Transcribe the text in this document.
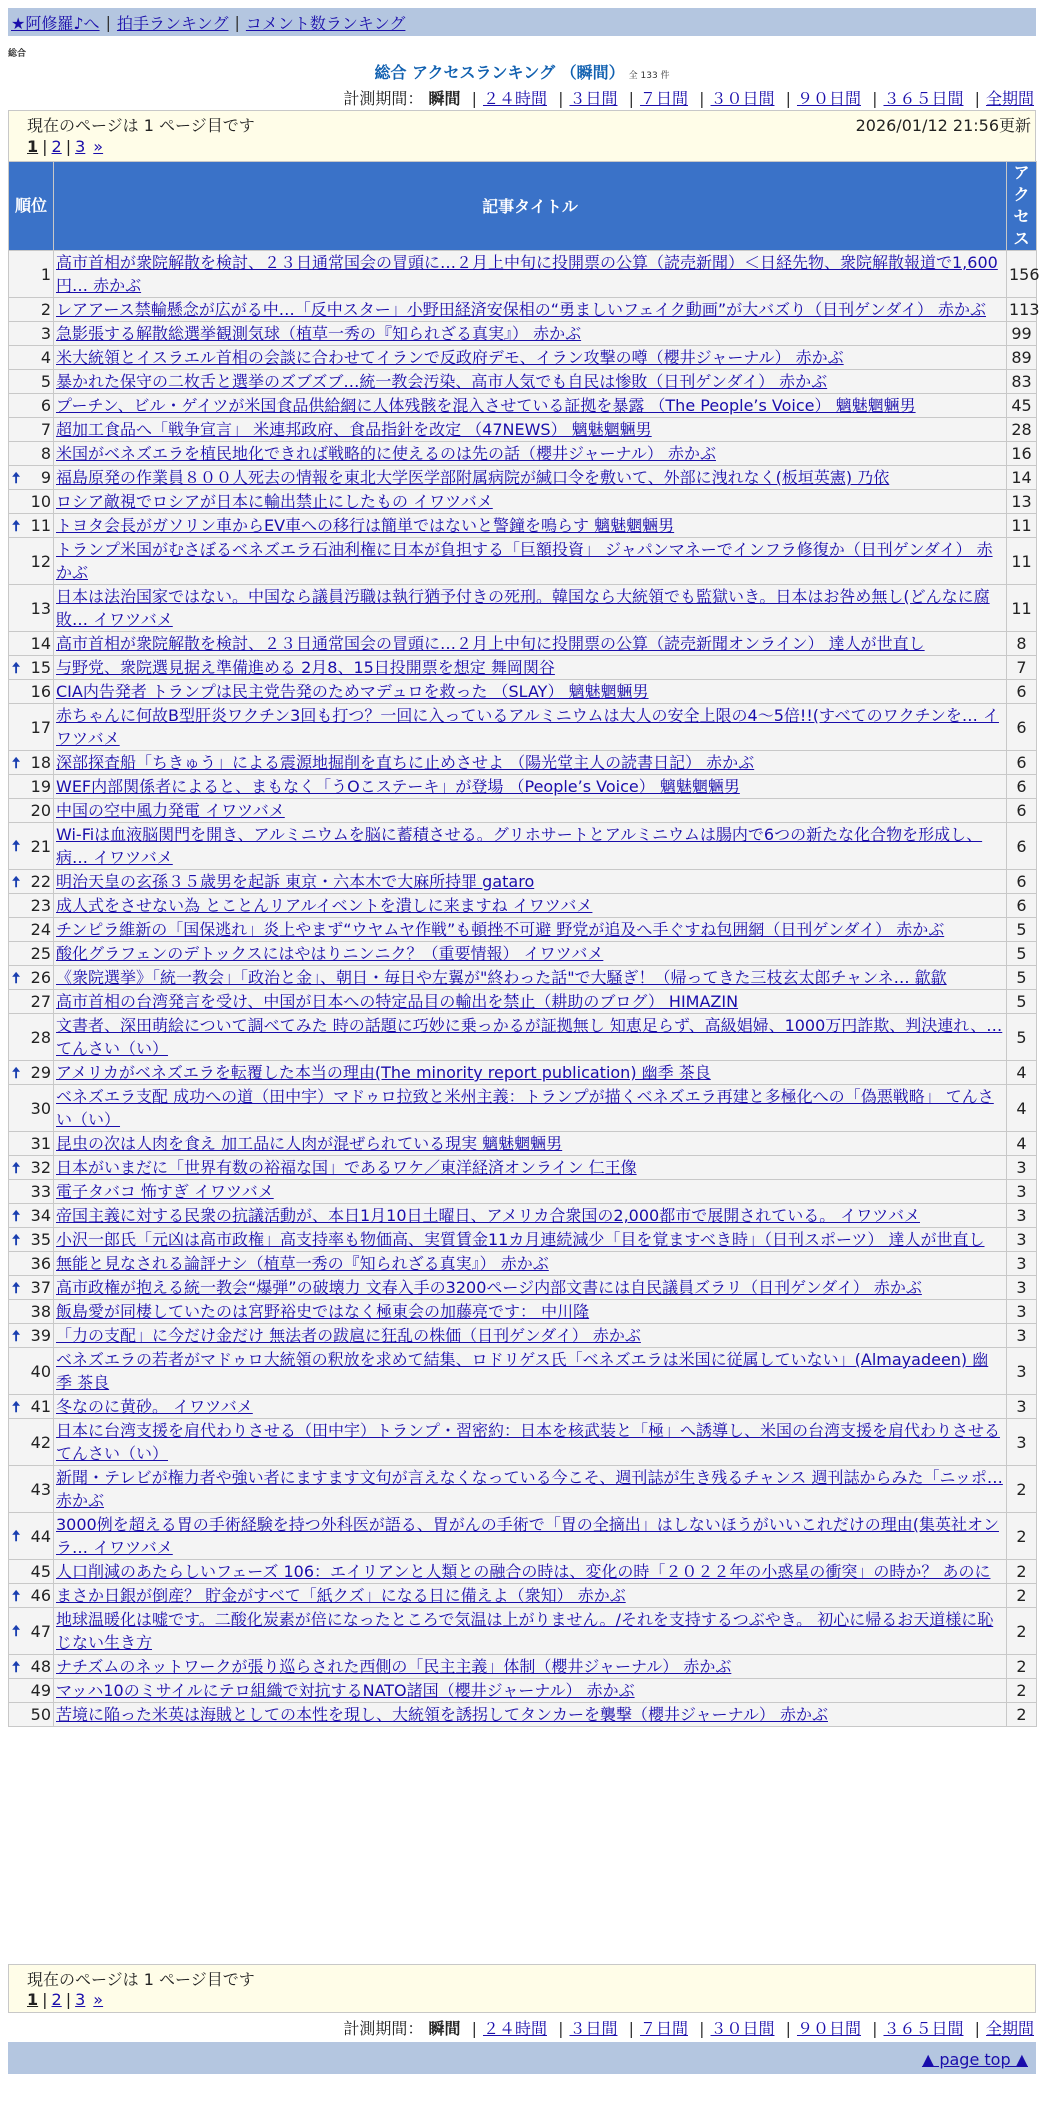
★阿修羅♪へ | 拍手ランキング | コメント数ランキング
総合
総合 アクセスランキング （瞬間） 全 133 件
計測期間： 瞬間 | ２４時間 | ３日間 | ７日間 | ３０日間 | ９０日間 | ３６５日間 | 全期間
現在のページは 1 ページ目です	2026/01/12 21:56更新
1 | 2 | 3 »
順位	記事タイトル	アクセス
1	高市首相が衆院解散を検討、２３日通常国会の冒頭に…２月上中旬に投開票の公算（読売新聞）＜日経先物、衆院解散報道で1,600円… 赤かぶ	156
2	レアアース禁輸懸念が広がる中…「反中スター」小野田経済安保相の“勇ましいフェイク動画”が大バズり（日刊ゲンダイ） 赤かぶ	113
3	急影張する解散総選挙観測気球（植草一秀の『知られざる真実』） 赤かぶ	99
4	米大統領とイスラエル首相の会談に合わせてイランで反政府デモ、イラン攻撃の噂（櫻井ジャーナル） 赤かぶ	89
5	暴かれた保守の二枚舌と選挙のズブズブ…統一教会汚染、高市人気でも自民は惨敗（日刊ゲンダイ） 赤かぶ	83
6	プーチン、ビル・ゲイツが米国食品供給網に人体残骸を混入させている証拠を暴露 （The People’s Voice） 魑魅魍魎男	45
7	超加工食品へ「戦争宣言」 米連邦政府、食品指針を改定 （47NEWS） 魑魅魍魎男	28
8	米国がベネズエラを植民地化できれば戦略的に使えるのは先の話（櫻井ジャーナル） 赤かぶ	16

🠅 9	福島原発の作業員８００人死去の情報を東北大学医学部附属病院が緘口令を敷いて、外部に洩れなく(板垣英憲) 乃依	14
10	ロシア敵視でロシアが日本に輸出禁止にしたもの イワツバメ	13

🠅 11	トヨタ会長がガソリン車からEV車への移行は簡単ではないと警鐘を鳴らす 魑魅魍魎男	11
12	トランプ米国がむさぼるベネズエラ石油利権に日本が負担する「巨額投資」 ジャパンマネーでインフラ修復か（日刊ゲンダイ） 赤かぶ	11
13	日本は法治国家ではない。中国なら議員汚職は執行猶予付きの死刑。韓国なら大統領でも監獄いき。日本はお咎め無し(どんなに腐敗… イワツバメ	11
14	高市首相が衆院解散を検討、２３日通常国会の冒頭に…２月上中旬に投開票の公算（読売新聞オンライン） 達人が世直し	8

🠅 15	与野党、衆院選見据え準備進める 2月8、15日投開票を想定 舞岡関谷	7
16	CIA内告発者 トランプは民主党告発のためマデュロを救った （SLAY） 魑魅魍魎男	6
17	赤ちゃんに何故B型肝炎ワクチン3回も打つ？一回に入っているアルミニウムは大人の安全上限の4～5倍!!(すべてのワクチンを… イワツバメ	6

🠅 18	深部探査船「ちきゅう」による震源地掘削を直ちに止めさせよ （陽光堂主人の読書日記） 赤かぶ	6
19	WEF内部関係者によると、まもなく「うOこステーキ」が登場 （People’s Voice） 魑魅魍魎男	6
20	中国の空中風力発電 イワツバメ	6

🠅 21	Wi-Fiは血液脳関門を開き、アルミニウムを脳に蓄積させる。グリホサートとアルミニウムは腸内で6つの新たな化合物を形成し、病… イワツバメ	6

🠅 22	明治天皇の玄孫３５歳男を起訴 東京・六本木で大麻所持罪 gataro	6
23	成人式をさせない為 とことんリアルイベントを潰しに来ますね イワツバメ	6
24	チンピラ維新の「国保逃れ」炎上やまず“ウヤムヤ作戦”も頓挫不可避 野党が追及へ手ぐすね包囲網（日刊ゲンダイ） 赤かぶ	5
25	酸化グラフェンのデトックスにはやはりニンニク？（重要情報） イワツバメ	5

🠅 26	《衆院選挙》「統一教会」「政治と金」、朝日・毎日や左翼が"終わった話"で大騒ぎ！（帰ってきた三枝玄太郎チャンネ… 歙歙	5
27	高市首相の台湾発言を受け、中国が日本への特定品目の輸出を禁止（耕助のブログ） HIMAZIN	5
28	文書者、深田萌絵について調べてみた 時の話題に巧妙に乗っかるが証拠無し 知恵足らず、高級娼婦、1000万円詐欺、判決連れ、… てんさい（い）	5

🠅 29	アメリカがベネズエラを転覆した本当の理由(The minority report publication) 幽季 茶良	4
30	ベネズエラ支配 成功への道（田中宇）マドゥロ拉致と米州主義：トランプが描くベネズエラ再建と多極化への「偽悪戦略」 てんさい（い）	4
31	昆虫の次は人肉を食え 加工品に人肉が混ぜられている現実 魑魅魍魎男	4

🠅 32	日本がいまだに「世界有数の裕福な国」であるワケ／東洋経済オンライン 仁王像	3
33	電子タバコ 怖すぎ イワツバメ	3

🠅 34	帝国主義に対する民衆の抗議活動が、本日1月10日土曜日、アメリカ合衆国の2,000都市で展開されている。 イワツバメ	3

🠅 35	小沢一郎氏「元凶は高市政権」高支持率も物価高、実質賃金11カ月連続減少「目を覚ますべき時」（日刊スポーツ） 達人が世直し	3
36	無能と見なされる論評ナシ（植草一秀の『知られざる真実』） 赤かぶ	3

🠅 37	高市政権が抱える統一教会“爆弾”の破壊力 文春入手の3200ページ内部文書には自民議員ズラリ（日刊ゲンダイ） 赤かぶ	3
38	飯島愛が同棲していたのは宮野裕史ではなく極東会の加藤亮です： 中川隆	3

🠅 39	「力の支配」に今だけ金だけ 無法者の跋扈に狂乱の株価（日刊ゲンダイ） 赤かぶ	3
40	ベネズエラの若者がマドゥロ大統領の釈放を求めて結集、ロドリゲス氏「ベネズエラは米国に従属していない」(Almayadeen) 幽季 茶良	3

🠅 41	冬なのに黄砂。 イワツバメ	3
42	日本に台湾支援を肩代わりさせる（田中宇）トランプ・習密約：日本を核武装と「極」へ誘導し、米国の台湾支援を肩代わりさせる てんさい（い）	3
43	新聞・テレビが権力者や強い者にますます文句が言えなくなっている今こそ、週刊誌が生き残るチャンス 週刊誌からみた「ニッポ… 赤かぶ	2

🠅 44	3000例を超える胃の手術経験を持つ外科医が語る、胃がんの手術で「胃の全摘出」はしないほうがいいこれだけの理由(集英社オンラ… イワツバメ	2
45	人口削減のあたらしいフェーズ 106：エイリアンと人類との融合の時は、変化の時「２０２２年の小惑星の衝突」の時か？ あのに	2

🠅 46	まさか日銀が倒産？ 貯金がすべて「紙クズ」になる日に備えよ（衆知） 赤かぶ	2

🠅 47	地球温暖化は嘘です。二酸化炭素が倍になったところで気温は上がりません。/それを支持するつぶやき。 初心に帰るお天道様に恥じない生き方	2

🠅 48	ナチズムのネットワークが張り巡らされた西側の「民主主義」体制（櫻井ジャーナル） 赤かぶ	2
49	マッハ10のミサイルにテロ組織で対抗するNATO諸国（櫻井ジャーナル） 赤かぶ	2
50	苦境に陥った米英は海賊としての本性を現し、大統領を誘拐してタンカーを襲撃（櫻井ジャーナル） 赤かぶ	2
現在のページは 1 ページ目です
1 | 2 | 3 »
計測期間： 瞬間 | ２４時間 | ３日間 | ７日間 | ３０日間 | ９０日間 | ３６５日間 | 全期間
▲ page top ▲
